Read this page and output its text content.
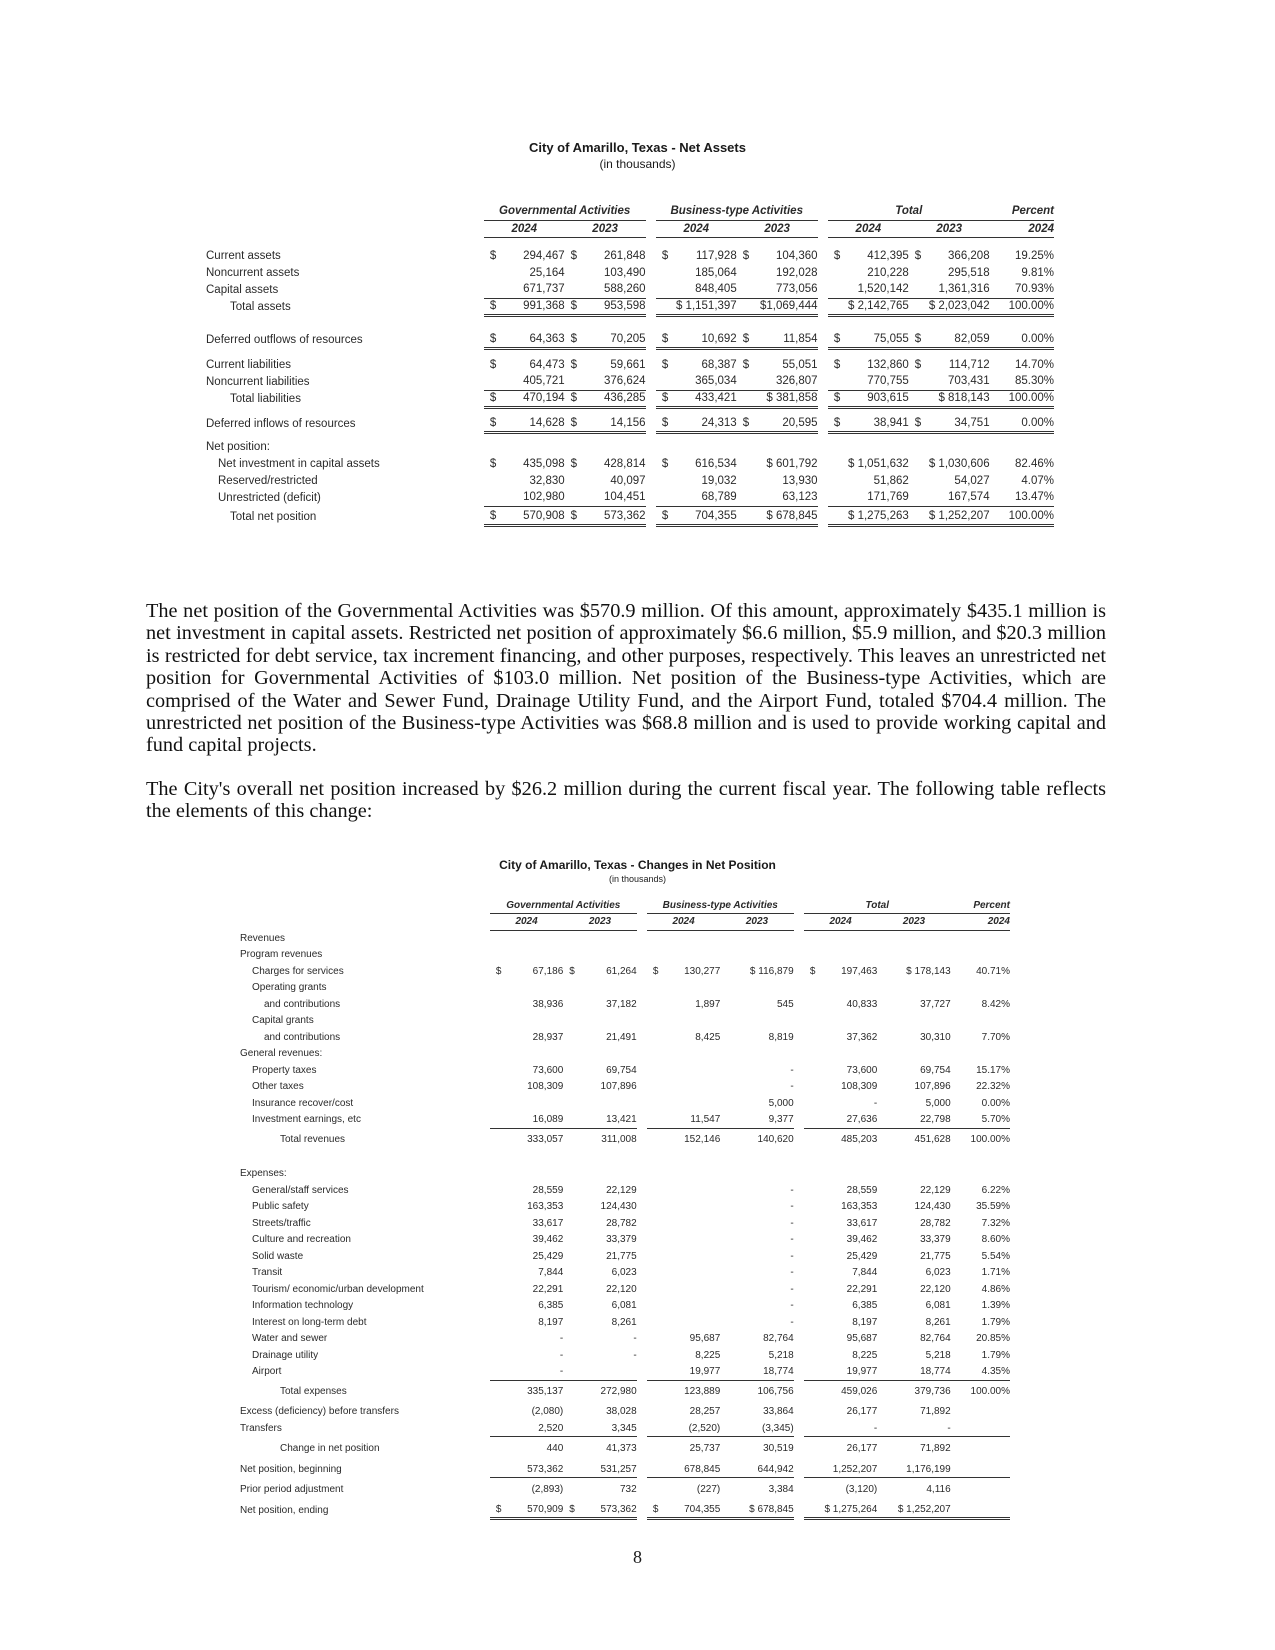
City of Amarillo, Texas - Net Assets
(in thousands)
	Governmental Activities					Business-type Activities					Total				Percent
	2024		2023			2024		2023			2024		2023		2024

Current assets	$	294,467	$	261,848		$	117,928	$	104,360		$	412,395	$	366,208	19.25%
Noncurrent assets		25,164		103,490			185,064		192,028			210,228		295,518	9.81%
Capital assets		671,737		588,260			848,405		773,056			1,520,142		1,361,316	70.93%
Total assets	$	991,368	$	953,598			$ 1,151,397		$1,069,444			$ 2,142,765		$ 2,023,042	100.00%

Deferred outflows of resources	$	64,363	$	70,205		$	10,692	$	11,854		$	75,055	$	82,059	0.00%

Current liabilities	$	64,473	$	59,661		$	68,387	$	55,051		$	132,860	$	114,712	14.70%
Noncurrent liabilities		405,721		376,624			365,034		326,807			770,755		703,431	85.30%
Total liabilities	$	470,194	$	436,285		$	433,421		$ 381,858		$	903,615		$ 818,143	100.00%

Deferred inflows of resources	$	14,628	$	14,156		$	24,313	$	20,595		$	38,941	$	34,751	0.00%

Net position:															
Net investment in capital assets	$	435,098	$	428,814		$	616,534		$ 601,792			$ 1,051,632		$ 1,030,606	82.46%
Reserved/restricted		32,830		40,097			19,032		13,930			51,862		54,027	4.07%
Unrestricted (deficit)		102,980		104,451			68,789		63,123			171,769		167,574	13.47%

Total net position	$	570,908	$	573,362		$	704,355		$ 678,845			$ 1,275,263		$ 1,252,207	100.00%

The net position of the Governmental Activities was $570.9 million. Of this amount, approximately $435.1 million is net investment in capital assets. Restricted net position of approximately $6.6 million, $5.9 million, and $20.3 million is restricted for debt service, tax increment financing, and other purposes, respectively. This leaves an unrestricted net position for Governmental Activities of $103.0 million. Net position of the Business-type Activities, which are comprised of the Water and Sewer Fund, Drainage Utility Fund, and the Airport Fund, totaled $704.4 million. The unrestricted net position of the Business-type Activities was $68.8 million and is used to provide working capital and fund capital projects.

The City's overall net position increased by $26.2 million during the current fiscal year. The following table reflects the elements of this change:

City of Amarillo, Texas - Changes in Net Position
(in thousands)
	Governmental Activities					Business-type Activities					Total				Percent
	2024		2023			2024		2023			2024		2023		2024
Revenues															
Program revenues															
Charges for services	$	67,186	$	61,264		$	130,277		$ 116,879		$	197,463		$ 178,143	40.71%
Operating grants															
and contributions		38,936		37,182			1,897		545			40,833		37,727	8.42%
Capital grants															
and contributions		28,937		21,491			8,425		8,819			37,362		30,310	7.70%
General revenues:															
Property taxes		73,600		69,754					-			73,600		69,754	15.17%
Other taxes		108,309		107,896					-			108,309		107,896	22.32%
Insurance recover/cost									5,000			-		5,000	0.00%
Investment earnings, etc		16,089		13,421			11,547		9,377			27,636		22,798	5.70%

Total revenues		333,057		311,008			152,146		140,620			485,203		451,628	100.00%

Expenses:															
General/staff services		28,559		22,129					-			28,559		22,129	6.22%
Public safety		163,353		124,430					-			163,353		124,430	35.59%
Streets/traffic		33,617		28,782					-			33,617		28,782	7.32%
Culture and recreation		39,462		33,379					-			39,462		33,379	8.60%
Solid waste		25,429		21,775					-			25,429		21,775	5.54%
Transit		7,844		6,023					-			7,844		6,023	1.71%
Tourism/ economic/urban development		22,291		22,120					-			22,291		22,120	4.86%
Information technology		6,385		6,081					-			6,385		6,081	1.39%
Interest on long-term debt		8,197		8,261					-			8,197		8,261	1.79%
Water and sewer		-		-			95,687		82,764			95,687		82,764	20.85%
Drainage utility		-		-			8,225		5,218			8,225		5,218	1.79%
Airport		-					19,977		18,774			19,977		18,774	4.35%

Total expenses		335,137		272,980			123,889		106,756			459,026		379,736	100.00%

Excess (deficiency) before transfers		(2,080)		38,028			28,257		33,864			26,177		71,892	
Transfers		2,520		3,345			(2,520)		(3,345)			-		-	

Change in net position		440		41,373			25,737		30,519			26,177		71,892	

Net position, beginning		573,362		531,257			678,845		644,942			1,252,207		1,176,199	

Prior period adjustment		(2,893)		732			(227)		3,384			(3,120)		4,116	

Net position, ending	$	570,909	$	573,362		$	704,355		$ 678,845			$ 1,275,264		$ 1,252,207	
8
